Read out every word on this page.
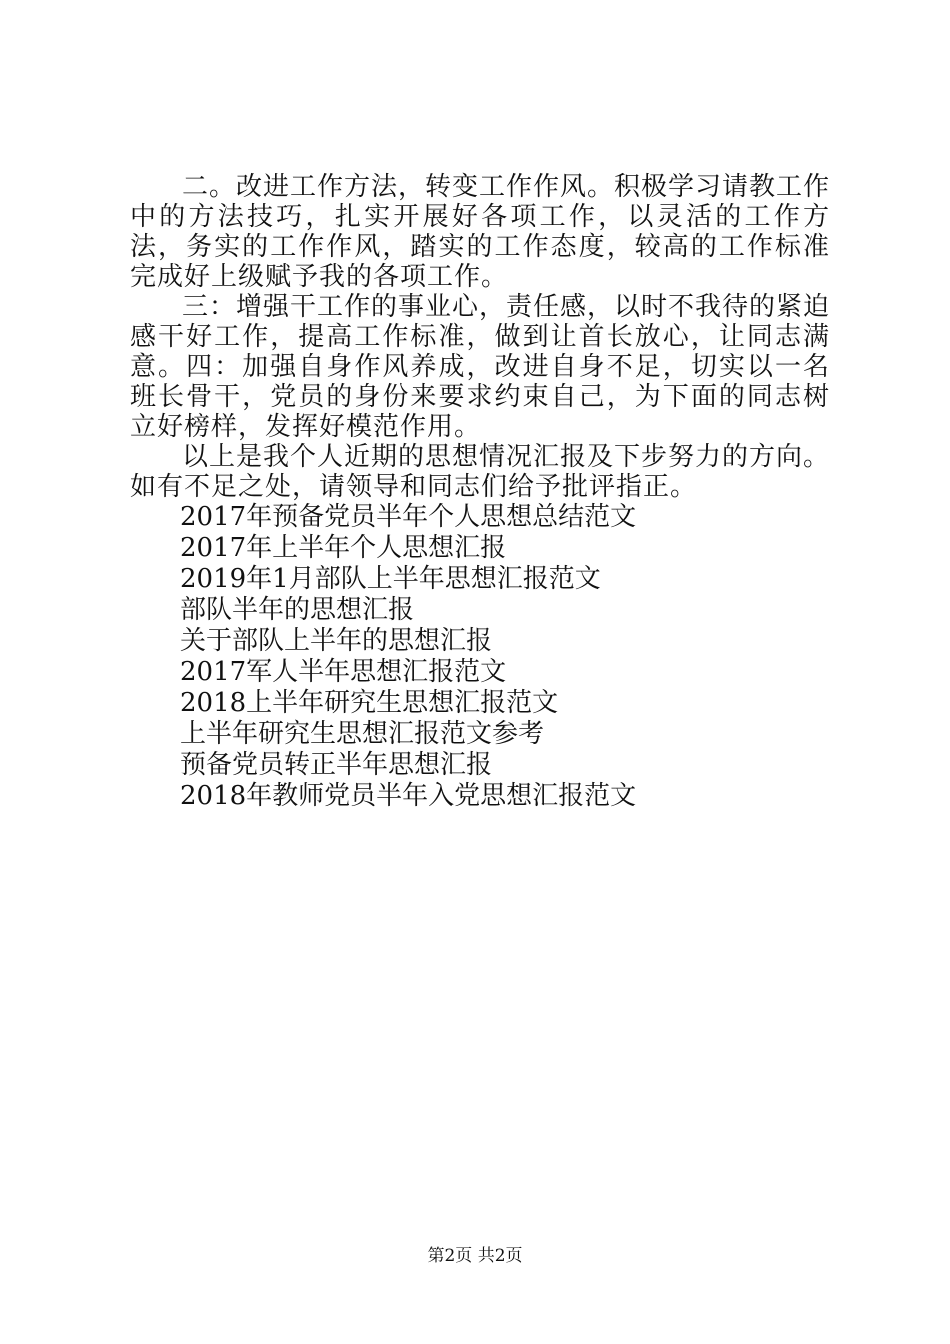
二。改进工作方法，转变工作作风。积极学习请教工作中的方法技巧，扎实开展好各项工作，以灵活的工作方法，务实的工作作风，踏实的工作态度，较高的工作标准完成好上级赋予我的各项工作。

三：增强干工作的事业心，责任感，以时不我待的紧迫感干好工作，提高工作标准，做到让首长放心，让同志满意。四：加强自身作风养成，改进自身不足，切实以一名班长骨干，党员的身份来要求约束自己，为下面的同志树立好榜样，发挥好模范作用。

以上是我个人近期的思想情况汇报及下步努力的方向。如有不足之处，请领导和同志们给予批评指正。

2017年预备党员半年个人思想总结范文
2017年上半年个人思想汇报
2019年1月部队上半年思想汇报范文
部队半年的思想汇报
关于部队上半年的思想汇报
2017军人半年思想汇报范文
2018上半年研究生思想汇报范文
上半年研究生思想汇报范文参考
预备党员转正半年思想汇报
2018年教师党员半年入党思想汇报范文
第2页 共2页
